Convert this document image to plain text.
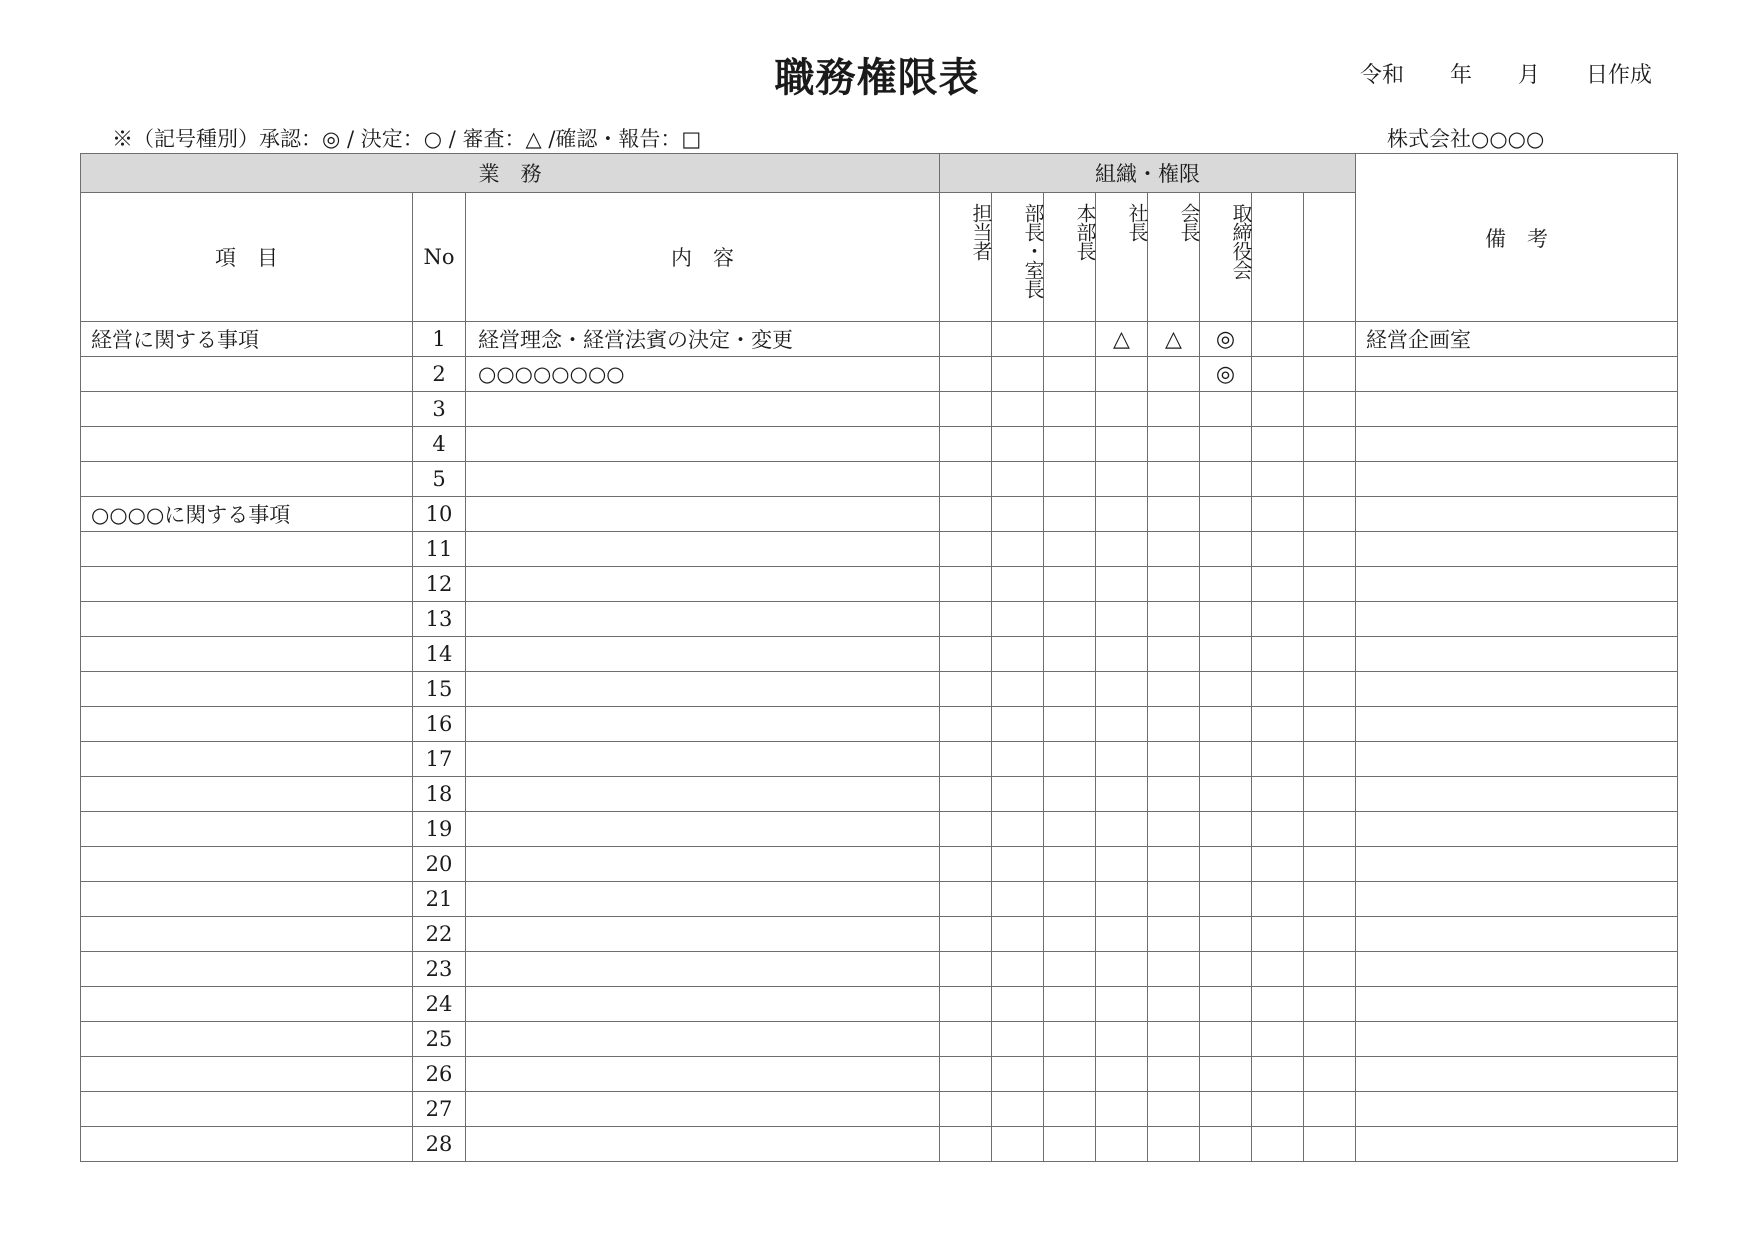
職務権限表	令和 年 月 日作成
※（記号種別）承認：◎ / 決定：○ / 審査：△ /確認・報告：□	株式会社○○○○
業　務			組織・権限								備　考
項　目	No	内　容	担当者	部長・室長	本部長	社長	会長	取締役会			
経営に関する事項	1	経営理念・経営法賓の決定・変更				△	△	◎			経営企画室
	2	○○○○○○○○						◎			
	3										
	4										
	5										
○○○○に関する事項	10										
	11										
	12										
	13										
	14										
	15										
	16										
	17										
	18										
	19										
	20										
	21										
	22										
	23										
	24										
	25										
	26										
	27										
	28										
